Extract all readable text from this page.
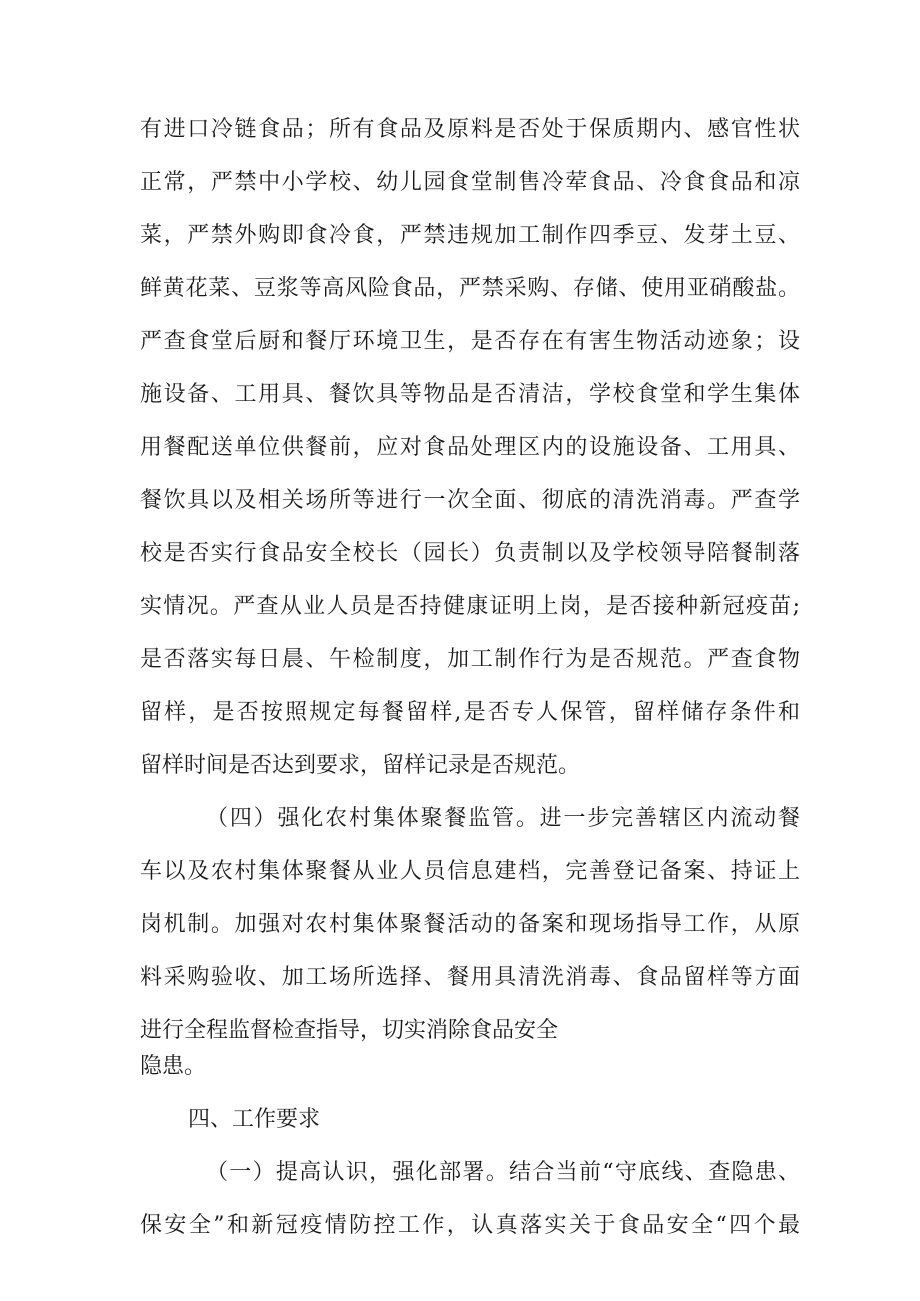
有进口冷链食品；所有食品及原料是否处于保质期内、感官性状
正常，严禁中小学校、幼儿园食堂制售冷荤食品、冷食食品和凉
菜，严禁外购即食冷食，严禁违规加工制作四季豆、发芽土豆、
鲜黄花菜、豆浆等高风险食品，严禁采购、存储、使用亚硝酸盐。
严查食堂后厨和餐厅环境卫生，是否存在有害生物活动迹象；设
施设备、工用具、餐饮具等物品是否清洁，学校食堂和学生集体
用餐配送单位供餐前，应对食品处理区内的设施设备、工用具、
餐饮具以及相关场所等进行一次全面、彻底的清洗消毒。严查学
校是否实行食品安全校长（园长）负责制以及学校领导陪餐制落
实情况。严查从业人员是否持健康证明上岗，是否接种新冠疫苗;
是否落实每日晨、午检制度，加工制作行为是否规范。严查食物
留样，是否按照规定每餐留样,是否专人保管，留样储存条件和
留样时间是否达到要求，留样记录是否规范。
（四）强化农村集体聚餐监管。进一步完善辖区内流动餐
车以及农村集体聚餐从业人员信息建档，完善登记备案、持证上
岗机制。加强对农村集体聚餐活动的备案和现场指导工作，从原
料采购验收、加工场所选择、餐用具清洗消毒、食品留样等方面
进行全程监督检查指导，切实消除食品安全
隐患。
四、工作要求
（一）提高认识，强化部署。结合当前“守底线、查隐患、
保安全”和新冠疫情防控工作，认真落实关于食品安全“四个最
